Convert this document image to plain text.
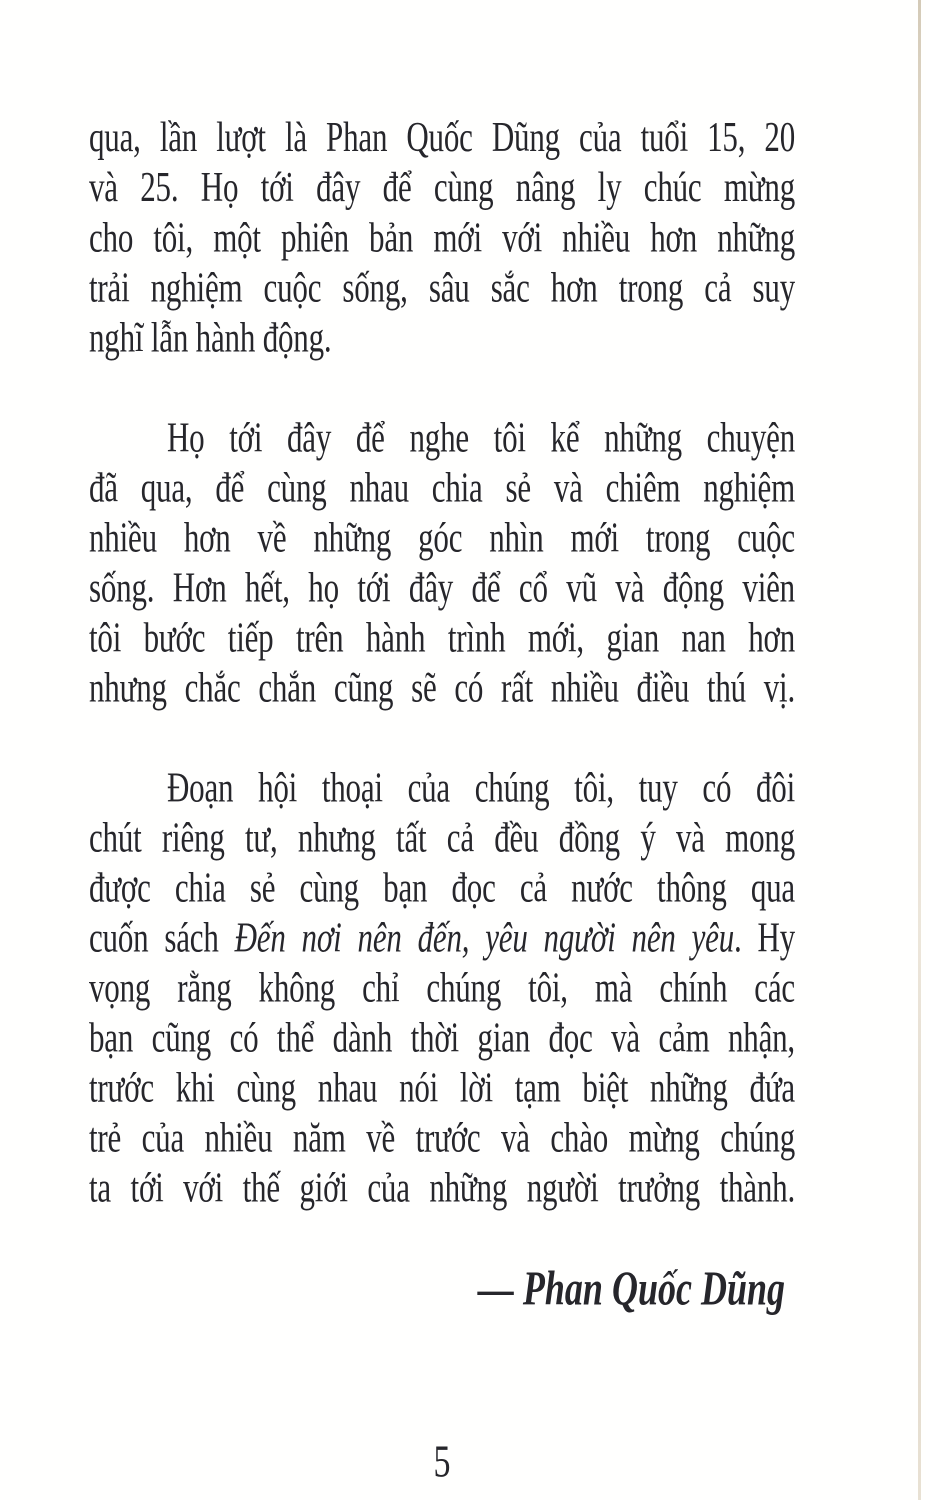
qua, lần lượt là Phan Quốc Dũng của tuổi 15, 20
và 25. Họ tới đây để cùng nâng ly chúc mừng
cho tôi, một phiên bản mới với nhiều hơn những
trải nghiệm cuộc sống, sâu sắc hơn trong cả suy
nghĩ lẫn hành động.
Họ tới đây để nghe tôi kể những chuyện
đã qua, để cùng nhau chia sẻ và chiêm nghiệm
nhiều hơn về những góc nhìn mới trong cuộc
sống. Hơn hết, họ tới đây để cổ vũ và động viên
tôi bước tiếp trên hành trình mới, gian nan hơn
nhưng chắc chắn cũng sẽ có rất nhiều điều thú vị.
Đoạn hội thoại của chúng tôi, tuy có đôi
chút riêng tư, nhưng tất cả đều đồng ý và mong
được chia sẻ cùng bạn đọc cả nước thông qua
cuốn sách Đến nơi nên đến, yêu người nên yêu. Hy
vọng rằng không chỉ chúng tôi, mà chính các
bạn cũng có thể dành thời gian đọc và cảm nhận,
trước khi cùng nhau nói lời tạm biệt những đứa
trẻ của nhiều năm về trước và chào mừng chúng
ta tới với thế giới của những người trưởng thành.
— Phan Quốc Dũng
5
